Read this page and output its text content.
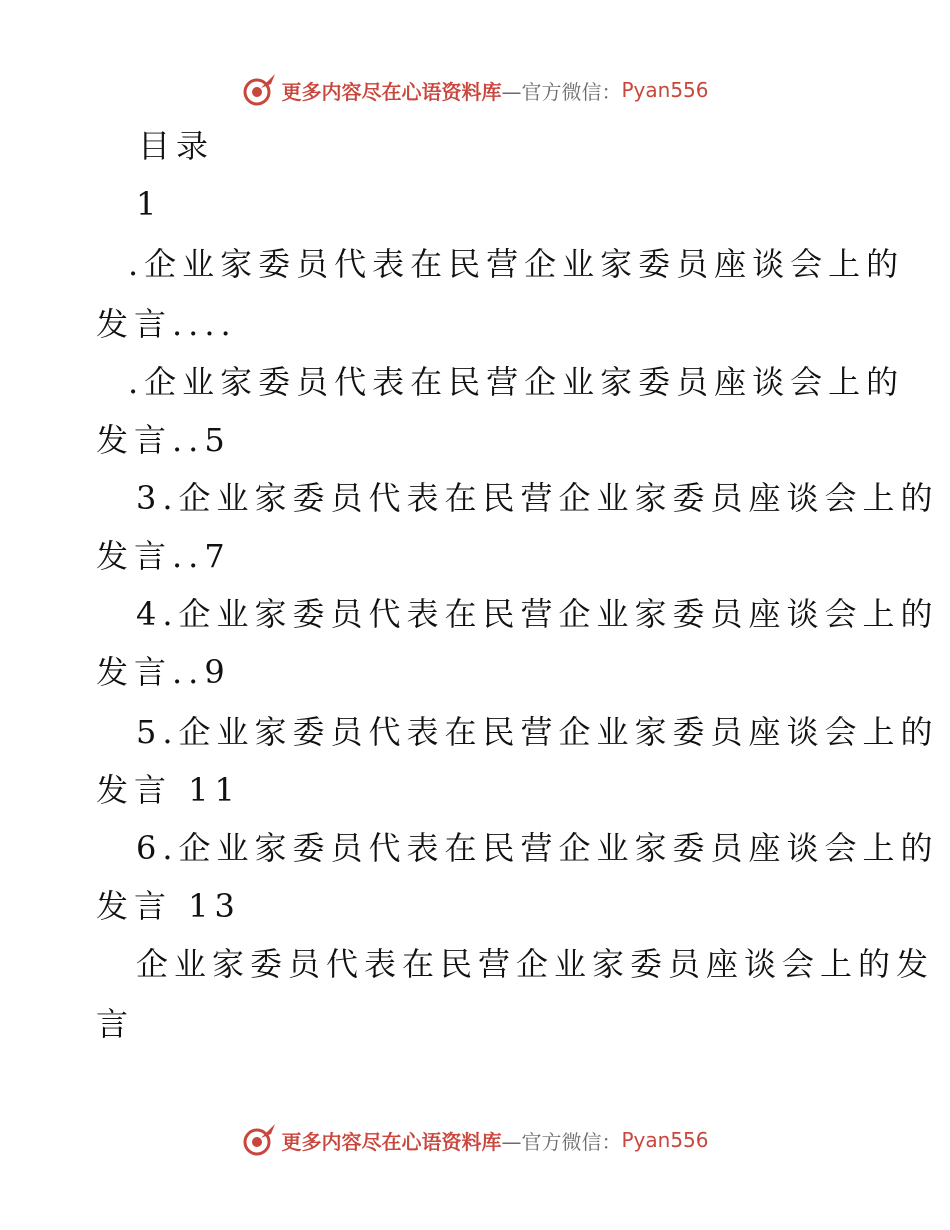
更多内容尽在心语资料库 —官方微信： Pyan556
目录
1
.企业家委员代表在民营企业家委员座谈会上的
发言....
.企业家委员代表在民营企业家委员座谈会上的
发言..5
3.企业家委员代表在民营企业家委员座谈会上的
发言..7
4.企业家委员代表在民营企业家委员座谈会上的
发言..9
5.企业家委员代表在民营企业家委员座谈会上的
发言 11
6.企业家委员代表在民营企业家委员座谈会上的
发言 13
企业家委员代表在民营企业家委员座谈会上的发
言
更多内容尽在心语资料库 —官方微信： Pyan556
